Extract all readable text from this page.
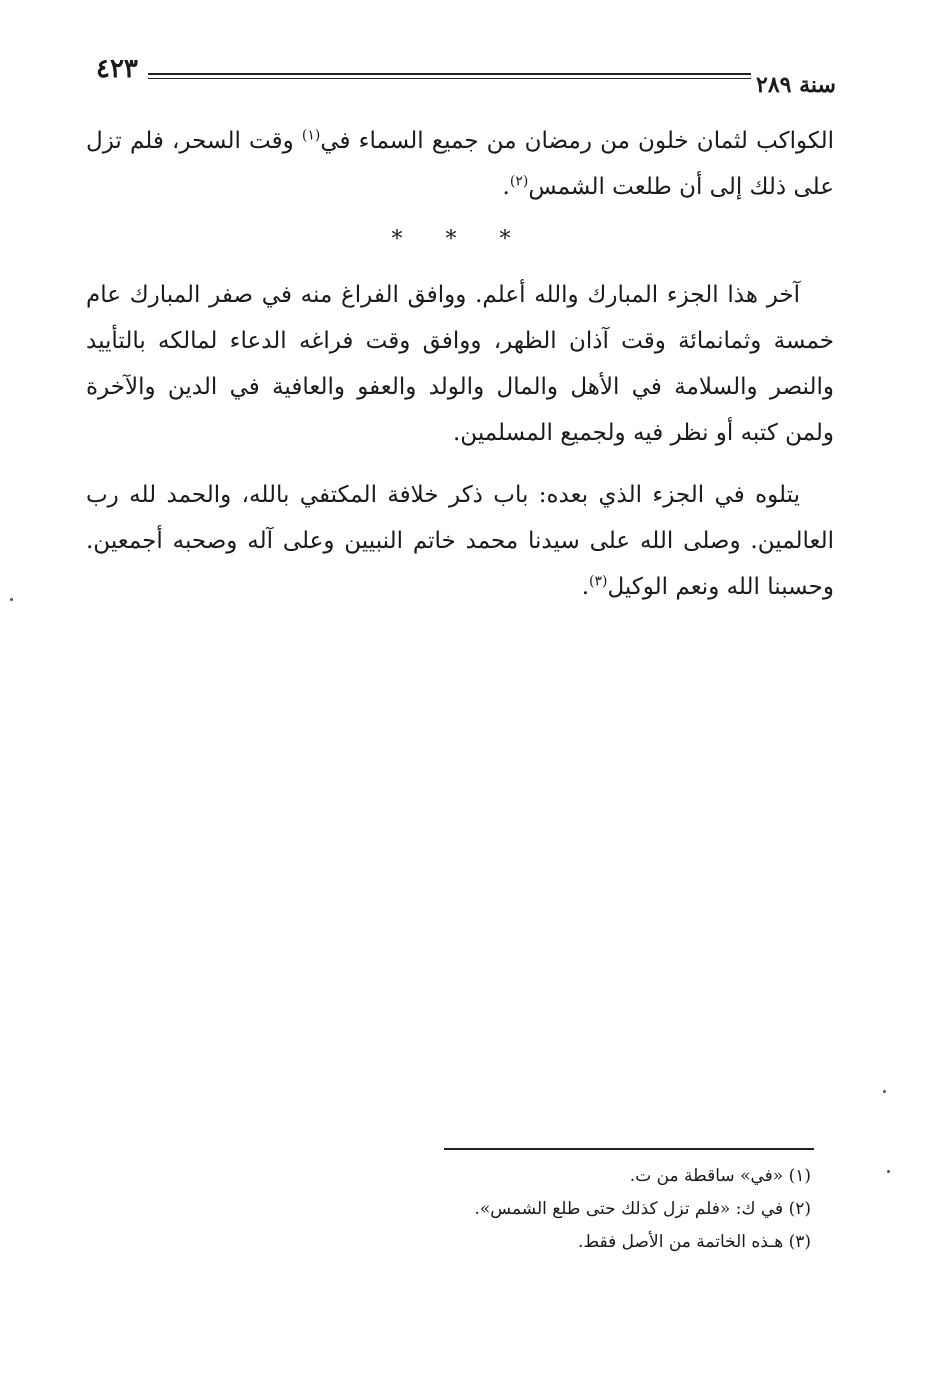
٤٢٣
سنة ٢٨٩

الكواكب لثمان خلون من رمضان من جميع السماء في$^{(١)}$ وقت السحر، فلم تزل على ذلك إلى أن طلعت الشمس$^{(٢)}$.

* * *

آخر هذا الجزء المبارك والله أعلم. ووافق الفراغ منه في صفر المبارك عام خمسة وثمانمائة وقت آذان الظهر، ووافق وقت فراغه الدعاء لمالكه بالتأييد والنصر والسلامة في الأهل والمال والولد والعفو والعافية في الدين والآخرة ولمن كتبه أو نظر فيه ولجميع المسلمين.

يتلوه في الجزء الذي بعده: باب ذكر خلافة المكتفي بالله، والحمد لله رب العالمين. وصلى الله على سيدنا محمد خاتم النبيين وعلى آله وصحبه أجمعين. وحسبنا الله ونعم الوكيل$^{(٣)}$.

(١) «في» ساقطة من ت.
(٢) في ك: «فلم تزل كذلك حتى طلع الشمس».
(٣) هـذه الخاتمة من الأصل فقط.
